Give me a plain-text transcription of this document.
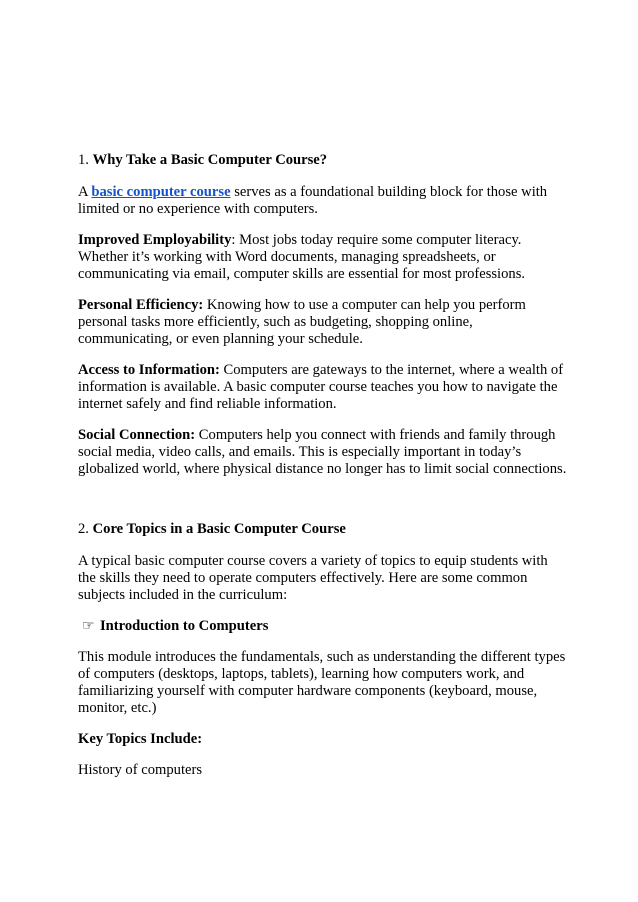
1. Why Take a Basic Computer Course?

A basic computer course serves as a foundational building block for those with limited or no experience with computers.

Improved Employability: Most jobs today require some computer literacy. Whether it’s working with Word documents, managing spreadsheets, or communicating via email, computer skills are essential for most professions.

Personal Efficiency: Knowing how to use a computer can help you perform personal tasks more efficiently, such as budgeting, shopping online, communicating, or even planning your schedule.

Access to Information: Computers are gateways to the internet, where a wealth of information is available. A basic computer course teaches you how to navigate the internet safely and find reliable information.

Social Connection: Computers help you connect with friends and family through social media, video calls, and emails. This is especially important in today’s globalized world, where physical distance no longer has to limit social connections.

2. Core Topics in a Basic Computer Course

A typical basic computer course covers a variety of topics to equip students with the skills they need to operate computers effectively. Here are some common subjects included in the curriculum:

☞ Introduction to Computers

This module introduces the fundamentals, such as understanding the different types of computers (desktops, laptops, tablets), learning how computers work, and familiarizing yourself with computer hardware components (keyboard, mouse, monitor, etc.)

Key Topics Include:

History of computers
